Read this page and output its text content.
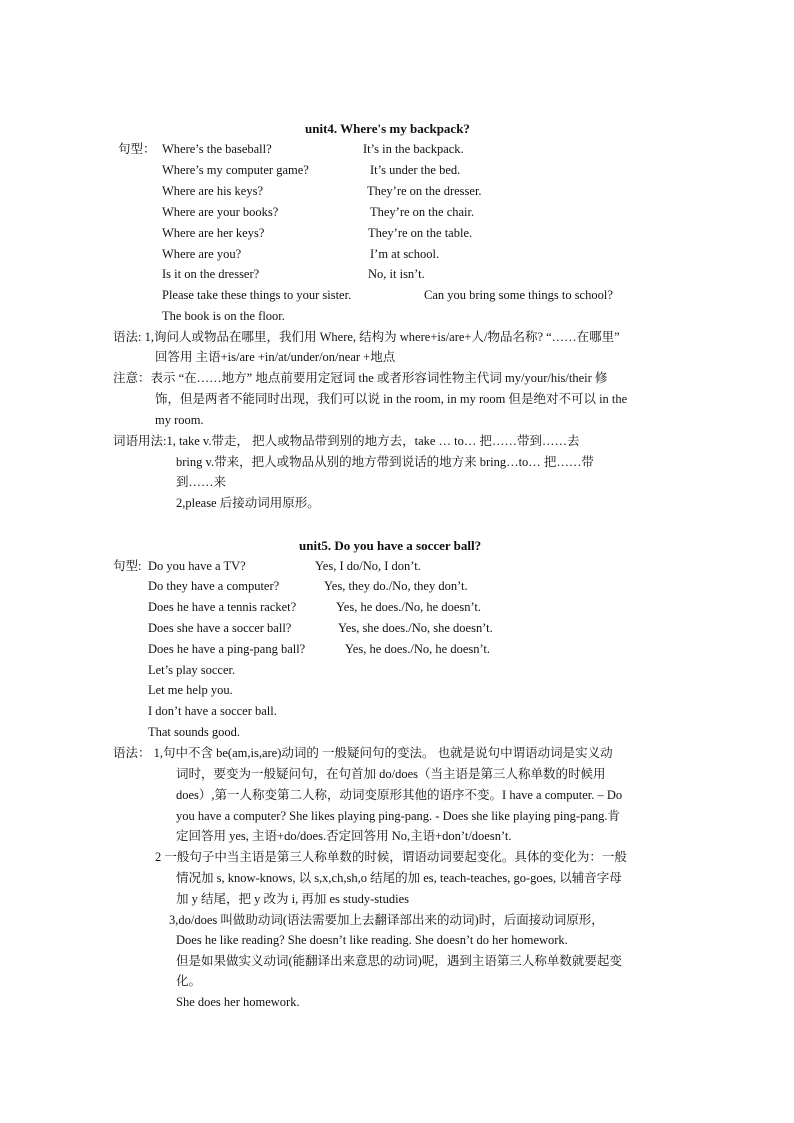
unit4. Where's my backpack?
句型： Where’s the baseball?	It’s in the backpack.
Where’s my computer game?	It’s under the bed.
Where are his keys?	They’re on the dresser.
Where are your books?	They’re on the chair.
Where are her keys?	They’re on the table.
Where are you?	I’m at school.
Is it on the dresser?	No, it isn’t.
Please take these things to your sister.	Can you bring some things to school?
The book is on the floor.
语法: 1,询问人或物品在哪里，我们用 Where, 结构为 where+is/are+人/物品名称? “……在哪里”
回答用 主语+is/are +in/at/under/on/near +地点
注意：表示 “在……地方” 地点前要用定冠词 the 或者形容词性物主代词 my/your/his/their 修
饰，但是两者不能同时出现，我们可以说 in the room, in my room 但是绝对不可以 in the
my room.
词语用法:1, take v.带走， 把人或物品带到别的地方去，take … to… 把……带到……去
bring v.带来，把人或物品从别的地方带到说话的地方来 bring…to… 把……带
到……来
2,please 后接动词用原形。
unit5. Do you have a soccer ball?
句型: Do you have a TV?	Yes, I do/No, I don’t.
Do they have a computer?	Yes, they do./No, they don’t.
Does he have a tennis racket?	Yes, he does./No, he doesn’t.
Does she have a soccer ball?	Yes, she does./No, she doesn’t.
Does he have a ping-pang ball?	Yes, he does./No, he doesn’t.
Let’s play soccer.
Let me help you.
I don’t have a soccer ball.
That sounds good.
语法： 1,句中不含 be(am,is,are)动词的 一般疑问句的变法。 也就是说句中谓语动词是实义动
词时，要变为一般疑问句，在句首加 do/does（当主语是第三人称单数的时候用
does）,第一人称变第二人称，动词变原形其他的语序不变。I have a computer. – Do
you have a computer? She likes playing ping-pang. - Does she like playing ping-pang.肯
定回答用 yes, 主语+do/does.否定回答用 No,主语+don’t/doesn’t.
2 一般句子中当主语是第三人称单数的时候，谓语动词要起变化。具体的变化为：一般
情况加 s, know-knows, 以 s,x,ch,sh,o 结尾的加 es, teach-teaches, go-goes, 以辅音字母
加 y 结尾，把 y 改为 i, 再加 es study-studies
3,do/does 叫做助动词(语法需要加上去翻译部出来的动词)时，后面接动词原形，
Does he like reading? She doesn’t like reading. She doesn’t do her homework.
但是如果做实义动词(能翻译出来意思的动词)呢，遇到主语第三人称单数就要起变
化。
She does her homework.
